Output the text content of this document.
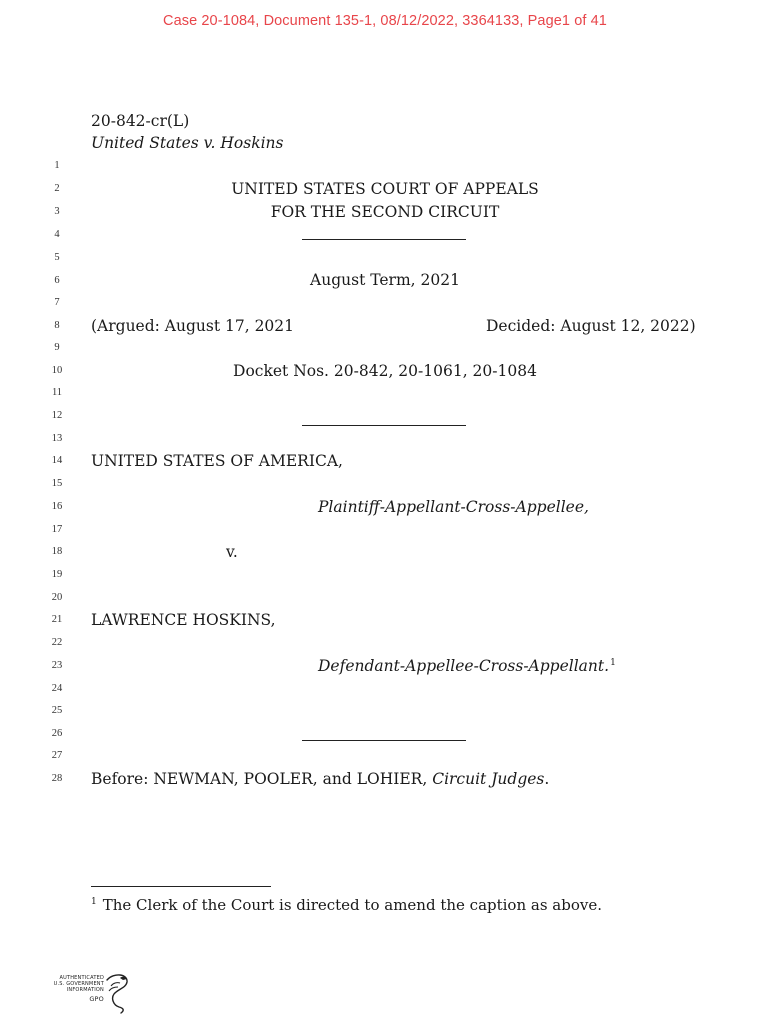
Case 20-1084, Document 135-1, 08/12/2022, 3364133, Page1 of 41
20-842-cr(L)
United States v. Hoskins
1
2
3
4
5
6
7
8
9
10
11
12
13
14
15
16
17
18
19
20
21
22
23
24
25
26
27
28
UNITED STATES COURT OF APPEALS
FOR THE SECOND CIRCUIT
August Term, 2021
(Argued: August 17, 2021	Decided: August 12, 2022)
Docket Nos. 20-842, 20-1061, 20-1084
UNITED STATES OF AMERICA,
Plaintiff-Appellant-Cross-Appellee,
v.
LAWRENCE HOSKINS,
Defendant-Appellee-Cross-Appellant.$^1$
Before: NEWMAN, POOLER, and LOHIER, Circuit Judges.
$^1$ The Clerk of the Court is directed to amend the caption as above.
AUTHENTICATED
U.S. GOVERNMENT
INFORMATION
GPO
